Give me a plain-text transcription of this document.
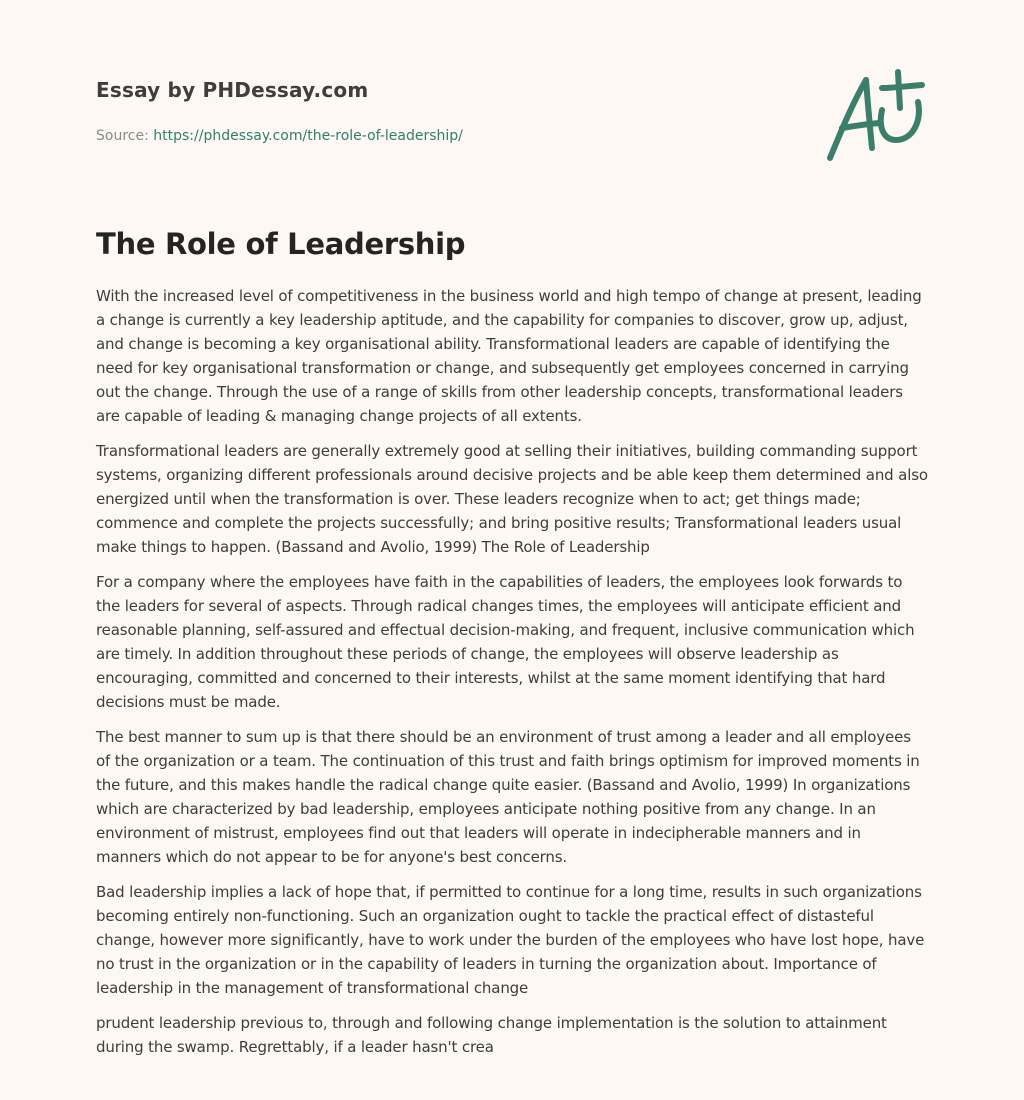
Essay by PHDessay.com
Source: https://phdessay.com/the-role-of-leadership/
The Role of Leadership

With the increased level of competitiveness in the business world and high tempo of change at present, leading a change is currently a key leadership aptitude, and the capability for companies to discover, grow up, adjust, and change is becoming a key organisational ability. Transformational leaders are capable of identifying the need for key organisational transformation or change, and subsequently get employees concerned in carrying out the change. Through the use of a range of skills from other leadership concepts, transformational leaders are capable of leading & managing change projects of all extents.

Transformational leaders are generally extremely good at selling their initiatives, building commanding support systems, organizing different professionals around decisive projects and be able keep them determined and also energized until when the transformation is over. These leaders recognize when to act; get things made; commence and complete the projects successfully; and bring positive results; Transformational leaders usual make things to happen. (Bassand and Avolio, 1999) The Role of Leadership

For a company where the employees have faith in the capabilities of leaders, the employees look forwards to the leaders for several of aspects. Through radical changes times, the employees will anticipate efficient and reasonable planning, self-assured and effectual decision-making, and frequent, inclusive communication which are timely. In addition throughout these periods of change, the employees will observe leadership as encouraging, committed and concerned to their interests, whilst at the same moment identifying that hard decisions must be made.

The best manner to sum up is that there should be an environment of trust among a leader and all employees of the organization or a team. The continuation of this trust and faith brings optimism for improved moments in the future, and this makes handle the radical change quite easier. (Bassand and Avolio, 1999) In organizations which are characterized by bad leadership, employees anticipate nothing positive from any change. In an environment of mistrust, employees find out that leaders will operate in indecipherable manners and in manners which do not appear to be for anyone's best concerns.

Bad leadership implies a lack of hope that, if permitted to continue for a long time, results in such organizations becoming entirely non-functioning. Such an organization ought to tackle the practical effect of distasteful change, however more significantly, have to work under the burden of the employees who have lost hope, have no trust in the organization or in the capability of leaders in turning the organization about. Importance of leadership in the management of transformational change

prudent leadership previous to, through and following change implementation is the solution to attainment during the swamp. Regrettably, if a leader hasn't crea
